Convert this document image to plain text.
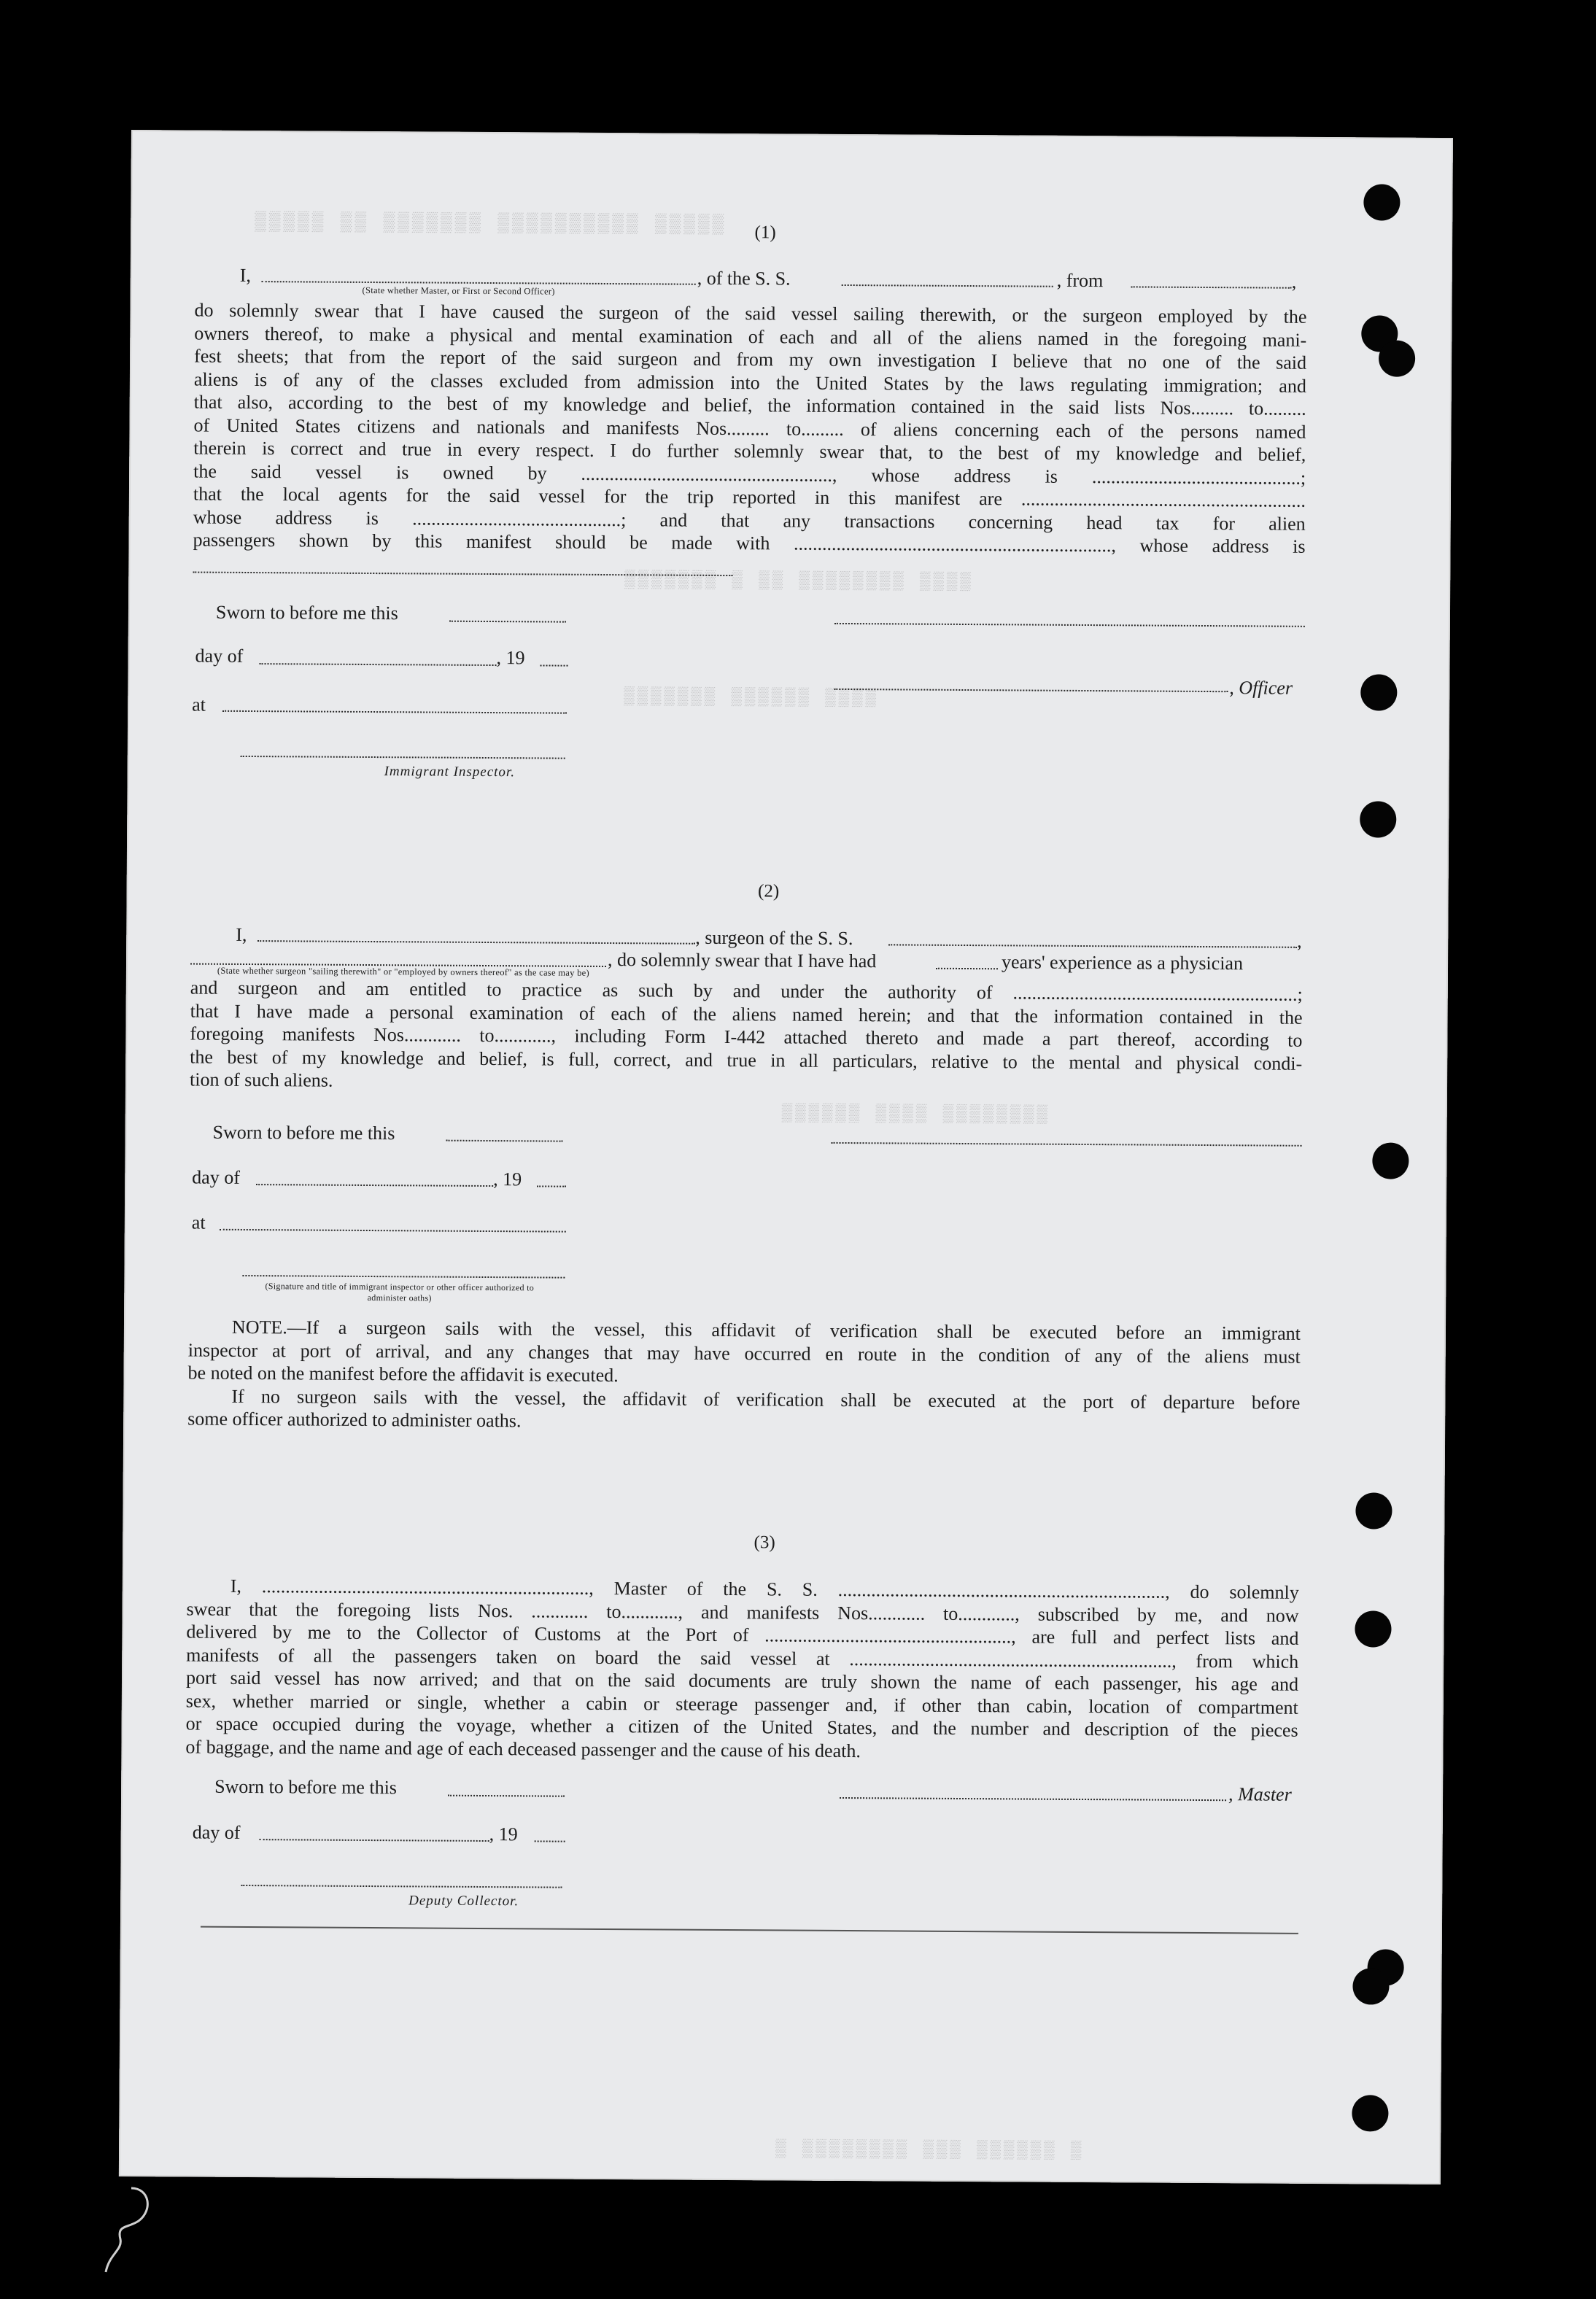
▒▒▒▒▒ ▒▒ ▒▒▒▒▒▒▒ ▒▒▒▒▒▒▒▒▒▒ ▒▒▒▒▒
▒▒▒▒▒▒▒ ▒ ▒▒ ▒▒▒▒▒▒▒▒ ▒▒▒▒
▒▒▒▒▒▒▒ ▒▒▒▒▒▒ ▒▒▒▒
▒▒▒▒▒▒ ▒▒▒▒ ▒▒▒▒▒▒▒▒
▒ ▒▒▒▒▒▒▒▒ ▒▒▒ ▒▒▒▒▒▒ ▒
(1)
I,	, of the S. S.	, from	,
(State whether Master, or First or Second Officer)
do solemnly swear that I have caused the surgeon of the said vessel sailing therewith, or the surgeon employed by the
owners thereof, to make a physical and mental examination of each and all of the aliens named in the foregoing mani-
fest sheets; that from the report of the said surgeon and from my own investigation I believe that no one of the said
aliens is of any of the classes excluded from admission into the United States by the laws regulating immigration; and
that also, according to the best of my knowledge and belief, the information contained in the said lists Nos......... to.........
of United States citizens and nationals and manifests Nos......... to......... of aliens concerning each of the persons named
therein is correct and true in every respect. I do further solemnly swear that, to the best of my knowledge and belief,
the said vessel is owned by ....................................................., whose address is ............................................;
that the local agents for the said vessel for the trip reported in this manifest are ............................................................
whose address is ............................................; and that any transactions concerning head tax for alien
passengers shown by this manifest should be made with ..................................................................., whose address is
Sworn to before me this
day of	, 19
, Officer
at
Immigrant Inspector.
(2)
I,	, surgeon of the S. S.	,
, do solemnly swear that I have had	years' experience as a physician
(State whether surgeon "sailing therewith" or "employed by owners thereof" as the case may be)
and surgeon and am entitled to practice as such by and under the authority of ............................................................;
that I have made a personal examination of each of the aliens named herein; and that the information contained in the
foregoing manifests Nos............ to............, including Form I-442 attached thereto and made a part thereof, according to
the best of my knowledge and belief, is full, correct, and true in all particulars, relative to the mental and physical condi-
tion of such aliens.
Sworn to before me this
day of	, 19
at
(Signature and title of immigrant inspector or other officer authorized to administer oaths)
NOTE.—If a surgeon sails with the vessel, this affidavit of verification shall be executed before an immigrant
inspector at port of arrival, and any changes that may have occurred en route in the condition of any of the aliens must
be noted on the manifest before the affidavit is executed.
If no surgeon sails with the vessel, the affidavit of verification shall be executed at the port of departure before
some officer authorized to administer oaths.
(3)
I, ....................................................................., Master of the S. S. ....................................................................., do solemnly
swear that the foregoing lists Nos. ............ to............, and manifests Nos............ to............, subscribed by me, and now
delivered by me to the Collector of Customs at the Port of ...................................................., are full and perfect lists and
manifests of all the passengers taken on board the said vessel at ...................................................................., from which
port said vessel has now arrived; and that on the said documents are truly shown the name of each passenger, his age and
sex, whether married or single, whether a cabin or steerage passenger and, if other than cabin, location of compartment
or space occupied during the voyage, whether a citizen of the United States, and the number and description of the pieces
of baggage, and the name and age of each deceased passenger and the cause of his death.
Sworn to before me this	, Master
day of	, 19
Deputy Collector.
